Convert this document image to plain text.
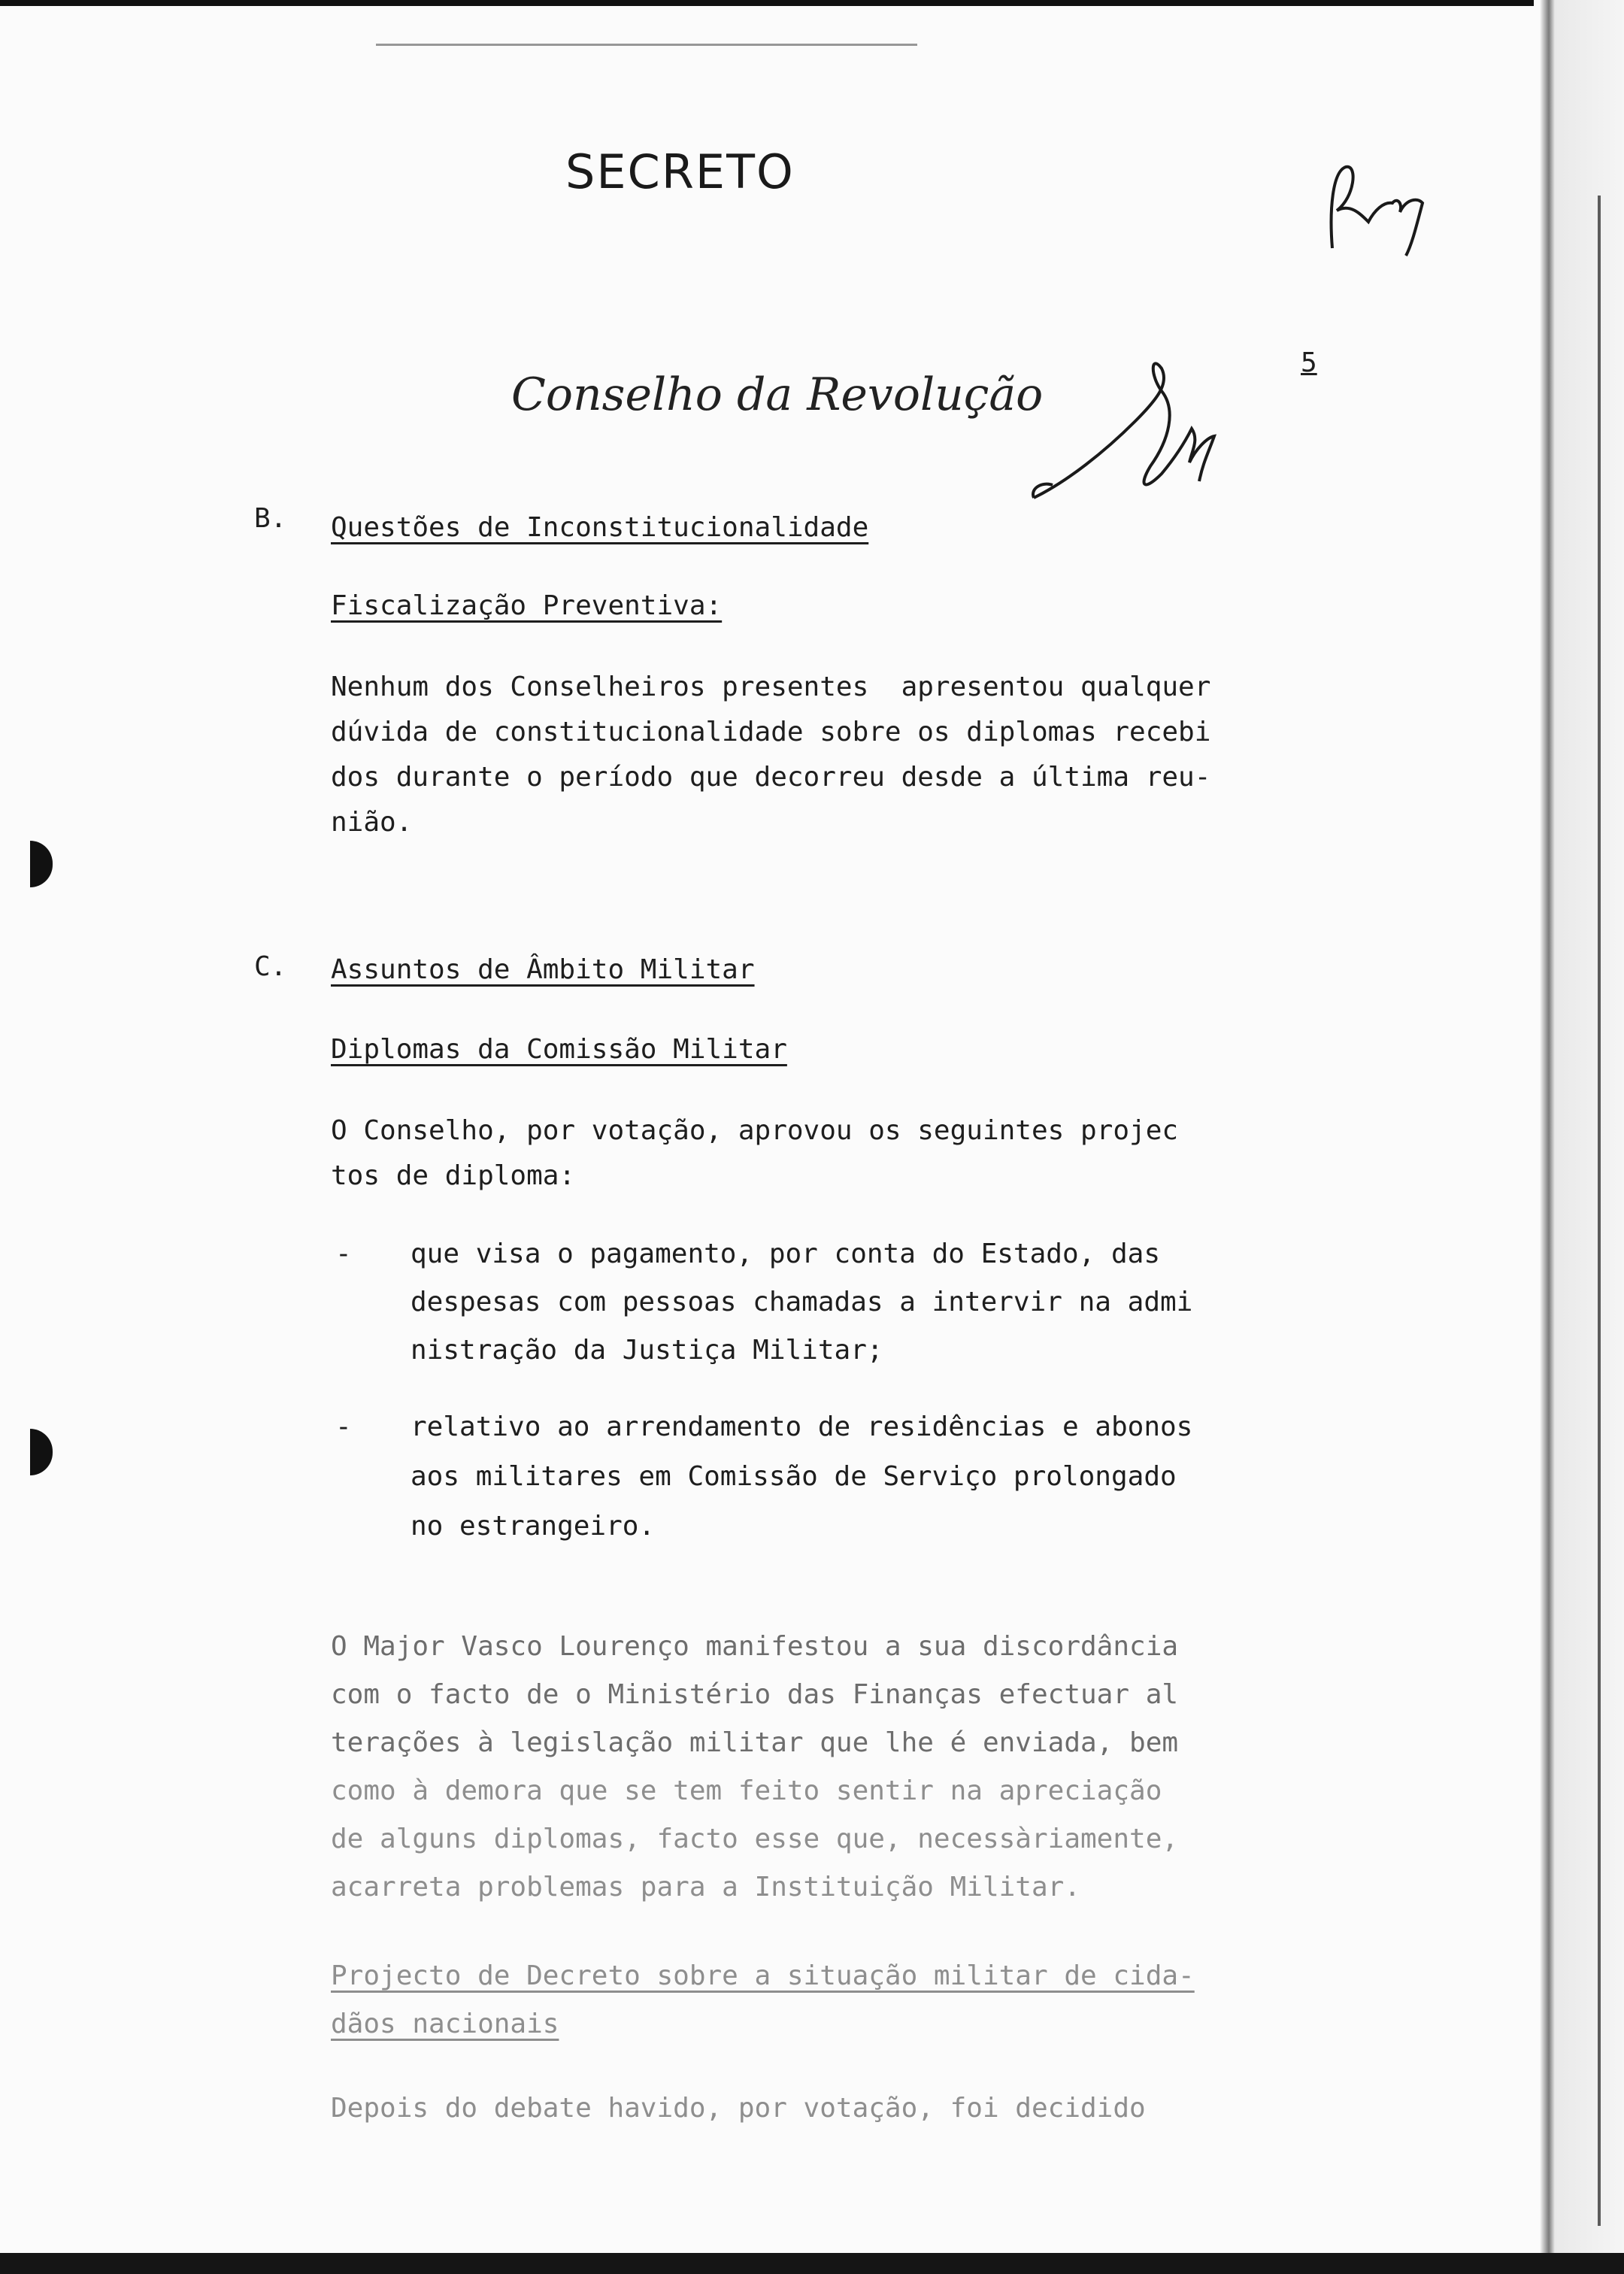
SECRETO
Conselho da Revolução
5
B. Questões de Inconstitucionalidade
Fiscalização Preventiva:
Nenhum dos Conselheiros presentes  apresentou qualquer
dúvida de constitucionalidade sobre os diplomas recebi
dos durante o período que decorreu desde a última reu-
nião.
C. Assuntos de Âmbito Militar
Diplomas da Comissão Militar
O Conselho, por votação, aprovou os seguintes projec
tos de diploma:
- que visa o pagamento, por conta do Estado, das
despesas com pessoas chamadas a intervir na admi
nistração da Justiça Militar;
- relativo ao arrendamento de residências e abonos
aos militares em Comissão de Serviço prolongado
no estrangeiro.
O Major Vasco Lourenço manifestou a sua discordância
com o facto de o Ministério das Finanças efectuar al
terações à legislação militar que lhe é enviada, bem
como à demora que se tem feito sentir na apreciação
de alguns diplomas, facto esse que, necessàriamente,
acarreta problemas para a Instituição Militar.
Projecto de Decreto sobre a situação militar de cida-
dãos nacionais
Depois do debate havido, por votação, foi decidido
